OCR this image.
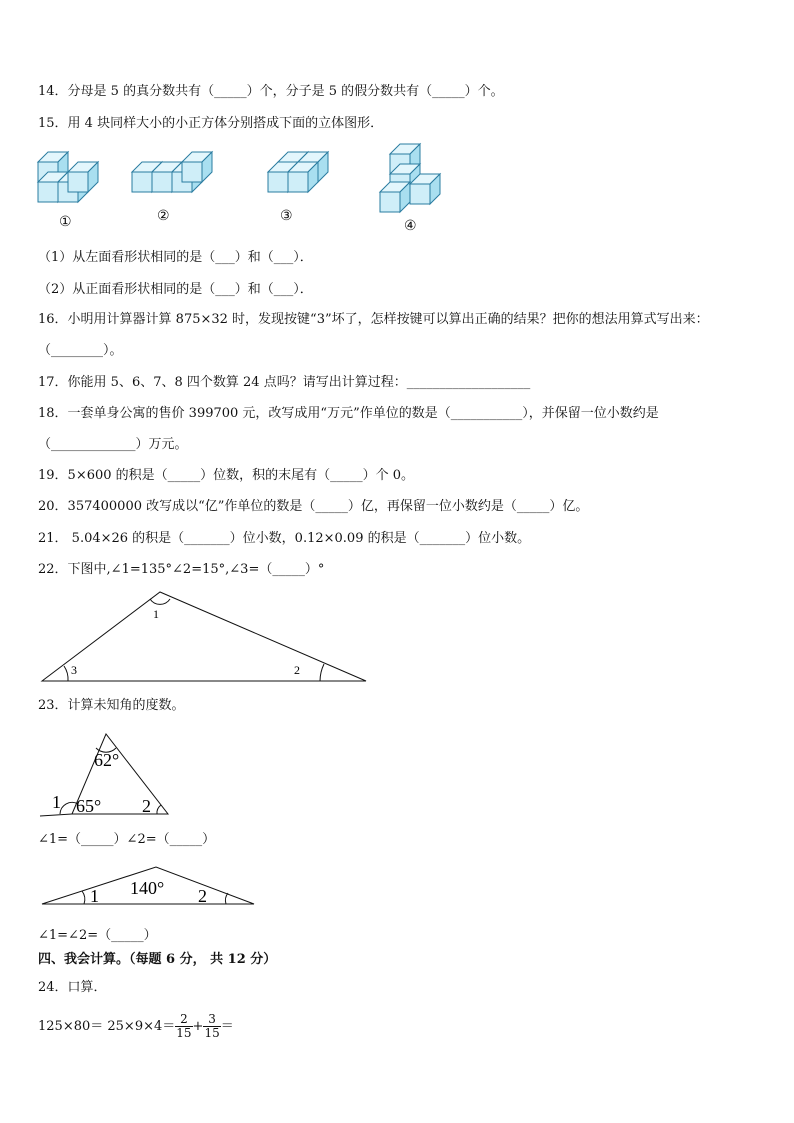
14．分母是 5 的真分数共有（_____）个，分子是 5 的假分数共有（_____）个。
15．用 4 块同样大小的小正方体分别搭成下面的立体图形．
①	②	③
④
（1）从左面看形状相同的是（___）和（___）．
（2）从正面看形状相同的是（___）和（___）．
16．小明用计算器计算 875×32 时，发现按键“3”坏了，怎样按键可以算出正确的结果？把你的想法用算式写出来：
（________）。
17．你能用 5、6、7、8 四个数算 24 点吗？请写出计算过程：___________________
18．一套单身公寓的售价 399700 元，改写成用“万元”作单位的数是（___________），并保留一位小数约是
（_____________）万元。
19．5×600 的积是（_____）位数，积的末尾有（_____）个 0。
20．357400000 改写成以“亿”作单位的数是（_____）亿，再保留一位小数约是（_____）亿。
21． 5.04×26 的积是（_______）位小数，0.12×0.09 的积是（_______）位小数。
22．下图中,∠1=135°∠2=15°,∠3=（_____）°
1
3	2
23．计算未知角的度数。
62°
1 65° 2
∠1=（_____）∠2=（_____）
1 140° 2
∠1=∠2=（_____）
四、我会计算。（每题 6 分， 共 12 分）
24．口算．
$125\times 80= 25\times 9\times 4= \frac{2}{15} + \frac{3}{15}$ ＝
